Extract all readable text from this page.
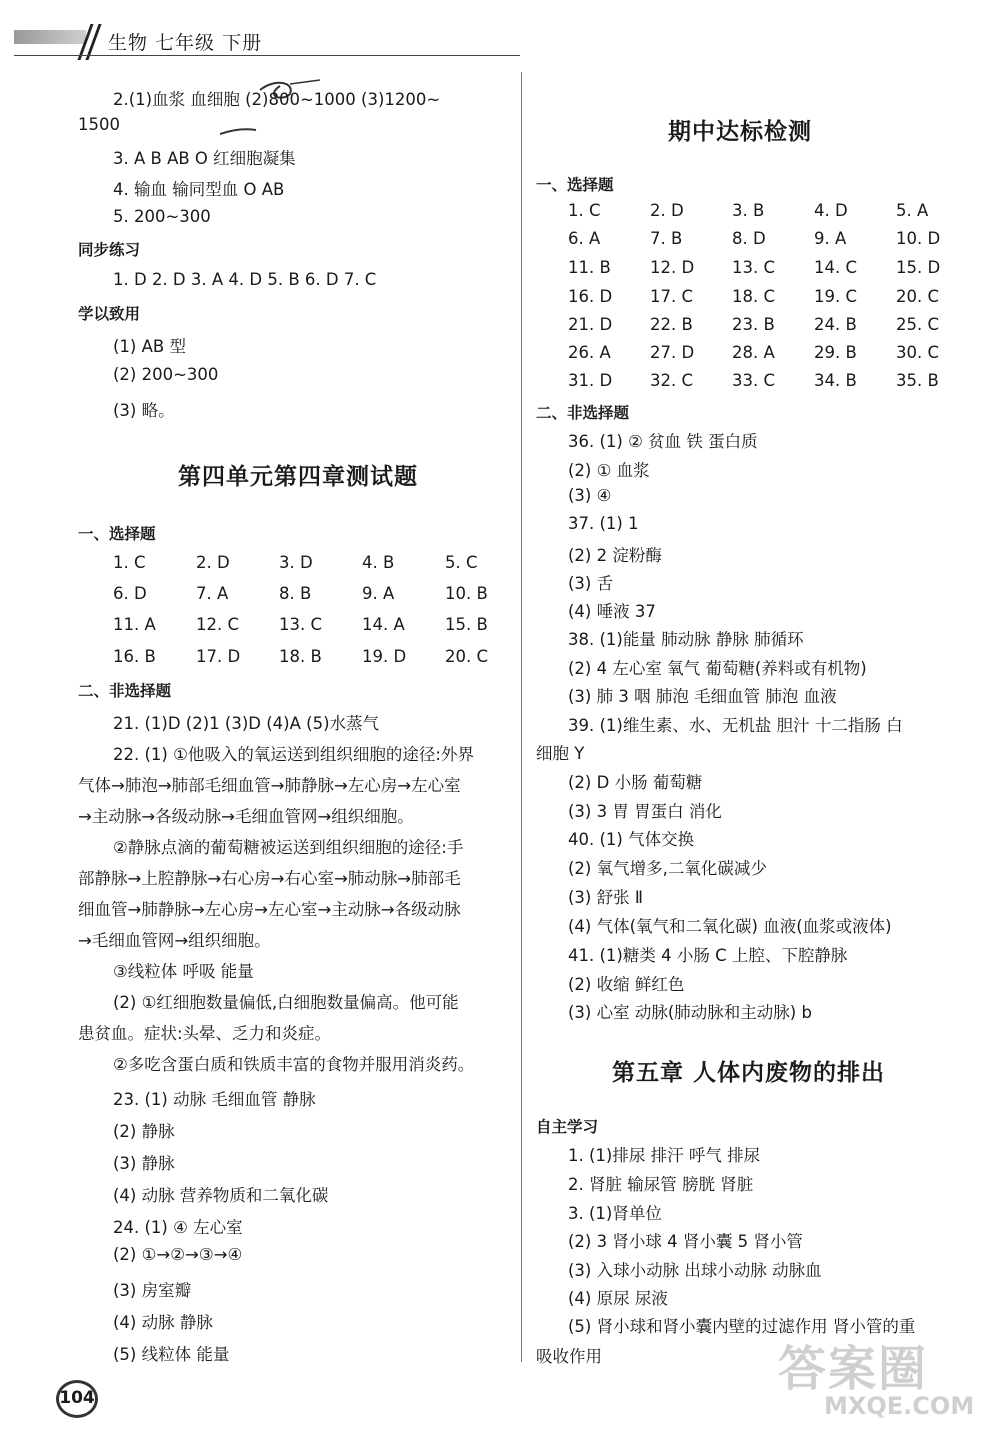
生物 七年级 下册
2.(1)血浆 血细胞 (2)800~1000 (3)1200~
1500
3. A B AB O 红细胞凝集
4. 输血 输同型血 O AB
5. 200~300
同步练习
1. D 2. D 3. A 4. D 5. B 6. D 7. C
学以致用
(1) AB 型
(2) 200~300
(3) 略。
第四单元第四章测试题
一、选择题
1. C	2. D	3. D	4. B	5. C
6. D	7. A	8. B	9. A	10. B
11. A 12. C 13. C 14. A 15. B
16. B 17. D 18. B 19. D 20. C
二、非选择题
21. (1)D (2)1 (3)D (4)A (5)水蒸气
22. (1) ①他吸入的氧运送到组织细胞的途径:外界
气体→肺泡→肺部毛细血管→肺静脉→左心房→左心室
→主动脉→各级动脉→毛细血管网→组织细胞。
②静脉点滴的葡萄糖被运送到组织细胞的途径:手
部静脉→上腔静脉→右心房→右心室→肺动脉→肺部毛
细血管→肺静脉→左心房→左心室→主动脉→各级动脉
→毛细血管网→组织细胞。
③线粒体 呼吸 能量
(2) ①红细胞数量偏低,白细胞数量偏高。他可能
患贫血。症状:头晕、乏力和炎症。
②多吃含蛋白质和铁质丰富的食物并服用消炎药。
23. (1) 动脉 毛细血管 静脉
(2) 静脉
(3) 静脉
(4) 动脉 营养物质和二氧化碳
24. (1) ④ 左心室
(2) ①→②→③→④
(3) 房室瓣
(4) 动脉 静脉
(5) 线粒体 能量
期中达标检测
一、选择题
1. C	2. D	3. B	4. D	5. A
6. A	7. B	8. D	9. A	10. D
11. B 12. D 13. C 14. C 15. D
16. D 17. C 18. C 19. C 20. C
21. D 22. B 23. B 24. B 25. C
26. A 27. D 28. A 29. B 30. C
31. D 32. C 33. C 34. B 35. B
二、非选择题
36. (1) ② 贫血 铁 蛋白质
(2) ① 血浆
(3) ④
37. (1) 1
(2) 2 淀粉酶
(3) 舌
(4) 唾液 37
38. (1)能量 肺动脉 静脉 肺循环
(2) 4 左心室 氧气 葡萄糖(养料或有机物)
(3) 肺 3 咽 肺泡 毛细血管 肺泡 血液
39. (1)维生素、水、无机盐 胆汁 十二指肠 白
细胞 Y
(2) D 小肠 葡萄糖
(3) 3 胃 胃蛋白 消化
40. (1) 气体交换
(2) 氧气增多,二氧化碳减少
(3) 舒张 Ⅱ
(4) 气体(氧气和二氧化碳) 血液(血浆或液体)
41. (1)糖类 4 小肠 C 上腔、下腔静脉
(2) 收缩 鲜红色
(3) 心室 动脉(肺动脉和主动脉) b
第五章 人体内废物的排出
自主学习
1. (1)排尿 排汗 呼气 排尿
2. 肾脏 输尿管 膀胱 肾脏
3. (1)肾单位
(2) 3 肾小球 4 肾小囊 5 肾小管
(3) 入球小动脉 出球小动脉 动脉血
(4) 原尿 尿液
(5) 肾小球和肾小囊内壁的过滤作用 肾小管的重
吸收作用
104
答案圈
MXQE.COM
